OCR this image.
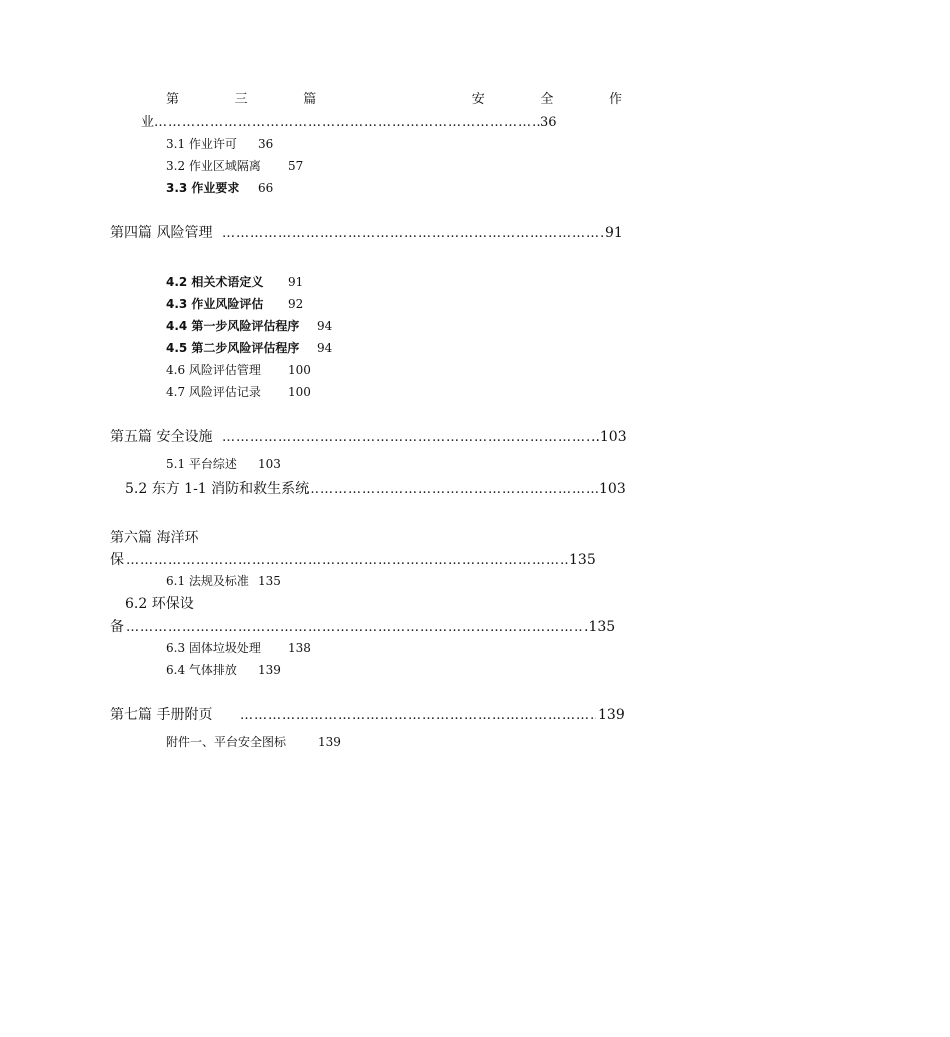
第	三	篇	安	全	作
业 ……………………………………………………………………………………………………………………………………………………………	36
3.1 作业许可 36
3.2 作业区域隔离 57
3.3 作业要求 66
第四篇 风险管理 ……………………………………………………………………………………………………………………………………………………………	91
4.2 相关术语定义 91
4.3 作业风险评估 92
4.4 第一步风险评估程序 94
4.5 第二步风险评估程序 94
4.6 风险评估管理 100
4.7 风险评估记录 100
第五篇 安全设施 ……………………………………………………………………………………………………………………………………………………………	..103
5.1 平台综述 103
5.2 东方 1-1 消防和救生系统 ……………………………………………………………………………………………………………………………………………………………	103
第六篇 海洋环
保 ……………………………………………………………………………………………………………………………………………………………	135
6.1 法规及标准 135
6.2 环保设
备 ……………………………………………………………………………………………………………………………………………………………	.135
6.3 固体垃圾处理 138
6.4 气体排放 139
第七篇 手册附页 ……………………………………………………………………………………………………………………………………………………………	139
附件一、平台安全图标	139
